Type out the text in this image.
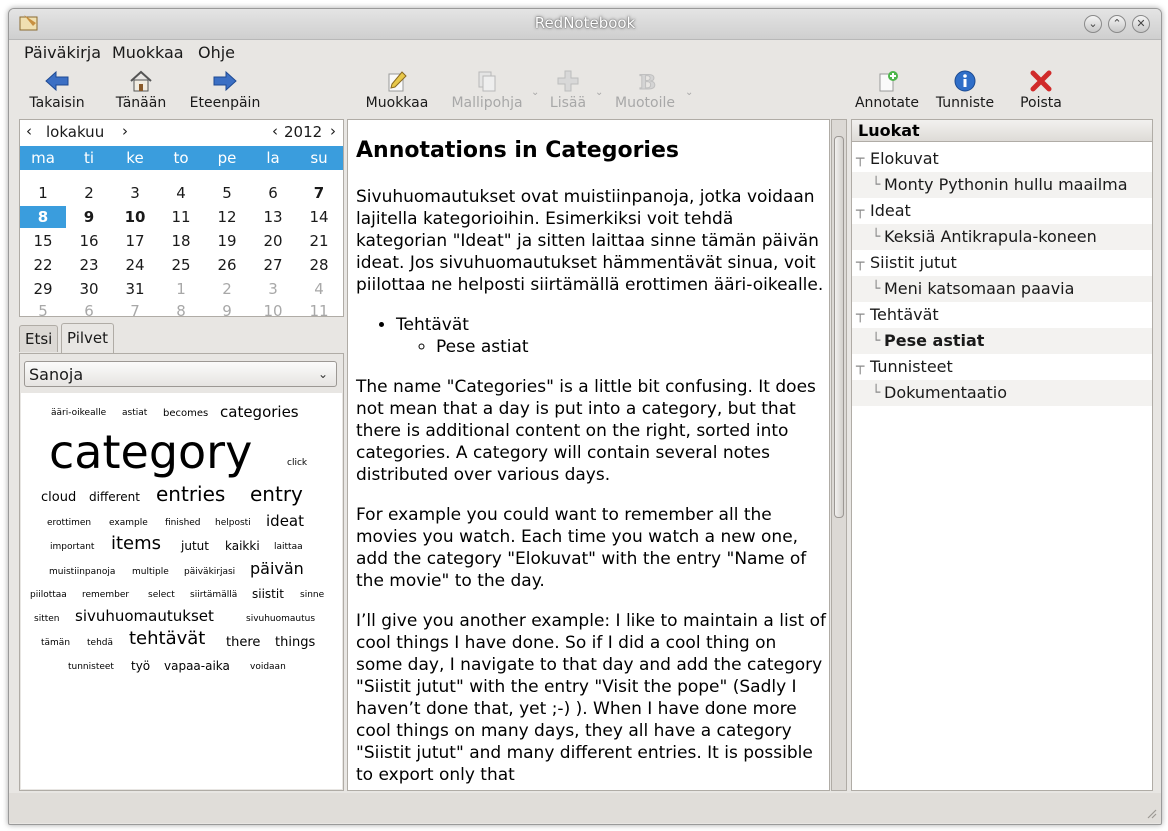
RedNotebook	⌄	⌃	✕
Päiväkirja Muokkaa Ohje
Takaisin	Tänään	Eteenpäin	Muokkaa	Mallipohja
⌄
Lisää
⌄ B
Muotoile
⌄
Annotate	Tunniste	Poista
‹ lokakuu ›	‹ 2012 ›
ma	ti	ke	to	pe	la	su
1	2	3	4	5	6	7
8	9	10	11	12	13	14
15	16	17	18	19	20	21
22	23	24	25	26	27	28
29	30	31	1	2	3	4
5	6	7	8	9	10	11
Etsi Pilvet
Sanoja	⌄
ääri-oikealle astiat becomes categories
category	click
cloud different entries entry
erottimen example finished helposti ideat
important items jutut kaikki laittaa
muistiinpanoja multiple päiväkirjasi päivän
piilottaa remember select siirtämällä siistit sinne
sitten sivuhuomautukset	sivuhuomautus
tämän tehdä tehtävät there things
tunnisteet työ vapaa-aika voidaan
Annotations in Categories

Sivuhuomautukset ovat muistiinpanoja, jotka voidaan lajitella kategorioihin. Esimerkiksi voit tehdä kategorian "Ideat" ja sitten laittaa sinne tämän päivän ideat. Jos sivuhuomautukset hämmentävät sinua, voit piilottaa ne helposti siirtämällä erottimen ääri-oikealle.

• Tehtävät
◦ Pese astiat

The name "Categories" is a little bit confusing. It does not mean that a day is put into a category, but that there is additional content on the right, sorted into categories. A category will contain several notes distributed over various days.

For example you could want to remember all the movies you watch. Each time you watch a new one, add the category "Elokuvat" with the entry "Name of the movie" to the day.

I’ll give you another example: I like to maintain a list of cool things I have done. So if I did a cool thing on some day, I navigate to that day and add the category "Siistit jutut" with the entry "Visit the pope" (Sadly I haven’t done that, yet ;-) ). When I have done more cool things on many days, they all have a category "Siistit jutut" and many different entries. It is possible to export only that

Luokat
┬ Elokuvat
└ Monty Pythonin hullu maailma
┬ Ideat
└ Keksiä Antikrapula-koneen
┬ Siistit jutut
└ Meni katsomaan paavia
┬ Tehtävät
└ Pese astiat
┬ Tunnisteet
└ Dokumentaatio
